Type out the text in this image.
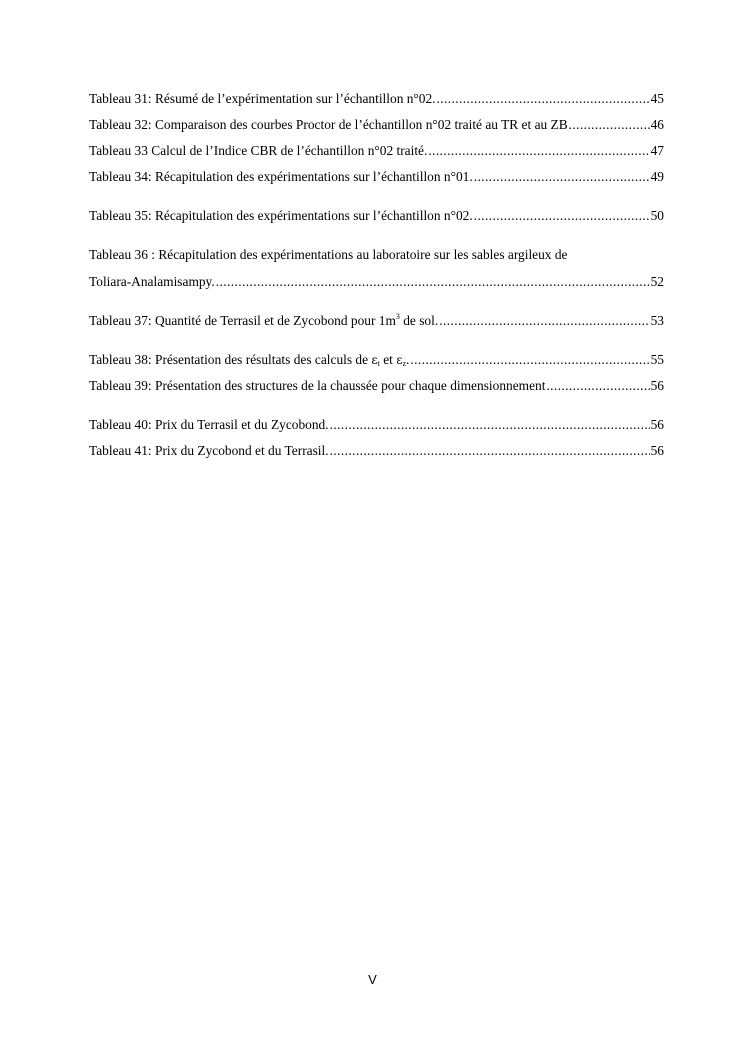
Tableau 31: Résumé de l’expérimentation sur l’échantillon n°02. .....	45
Tableau 32: Comparaison des courbes Proctor de l’échantillon n°02 traité au TR et au ZB .....	46
Tableau 33 Calcul de l’Indice CBR de l’échantillon n°02 traité. .....	47
Tableau 34: Récapitulation des expérimentations sur l’échantillon n°01. .....	49
Tableau 35: Récapitulation des expérimentations sur l’échantillon n°02. .....	50
Tableau 36 : Récapitulation des expérimentations au laboratoire sur les sables argileux de
Toliara-Analamisampy. .....	52
Tableau 37: Quantité de Terrasil et de Zycobond pour $1m^3$ de sol. .....	53
Tableau 38: Présentation des résultats des calculs de $\varepsilon_t$ et $\varepsilon_z$. .....	55
Tableau 39: Présentation des structures de la chaussée pour chaque dimensionnement .....	56
Tableau 40: Prix du Terrasil et du Zycobond. .....	56
Tableau 41: Prix du Zycobond et du Terrasil. .....	56
V
